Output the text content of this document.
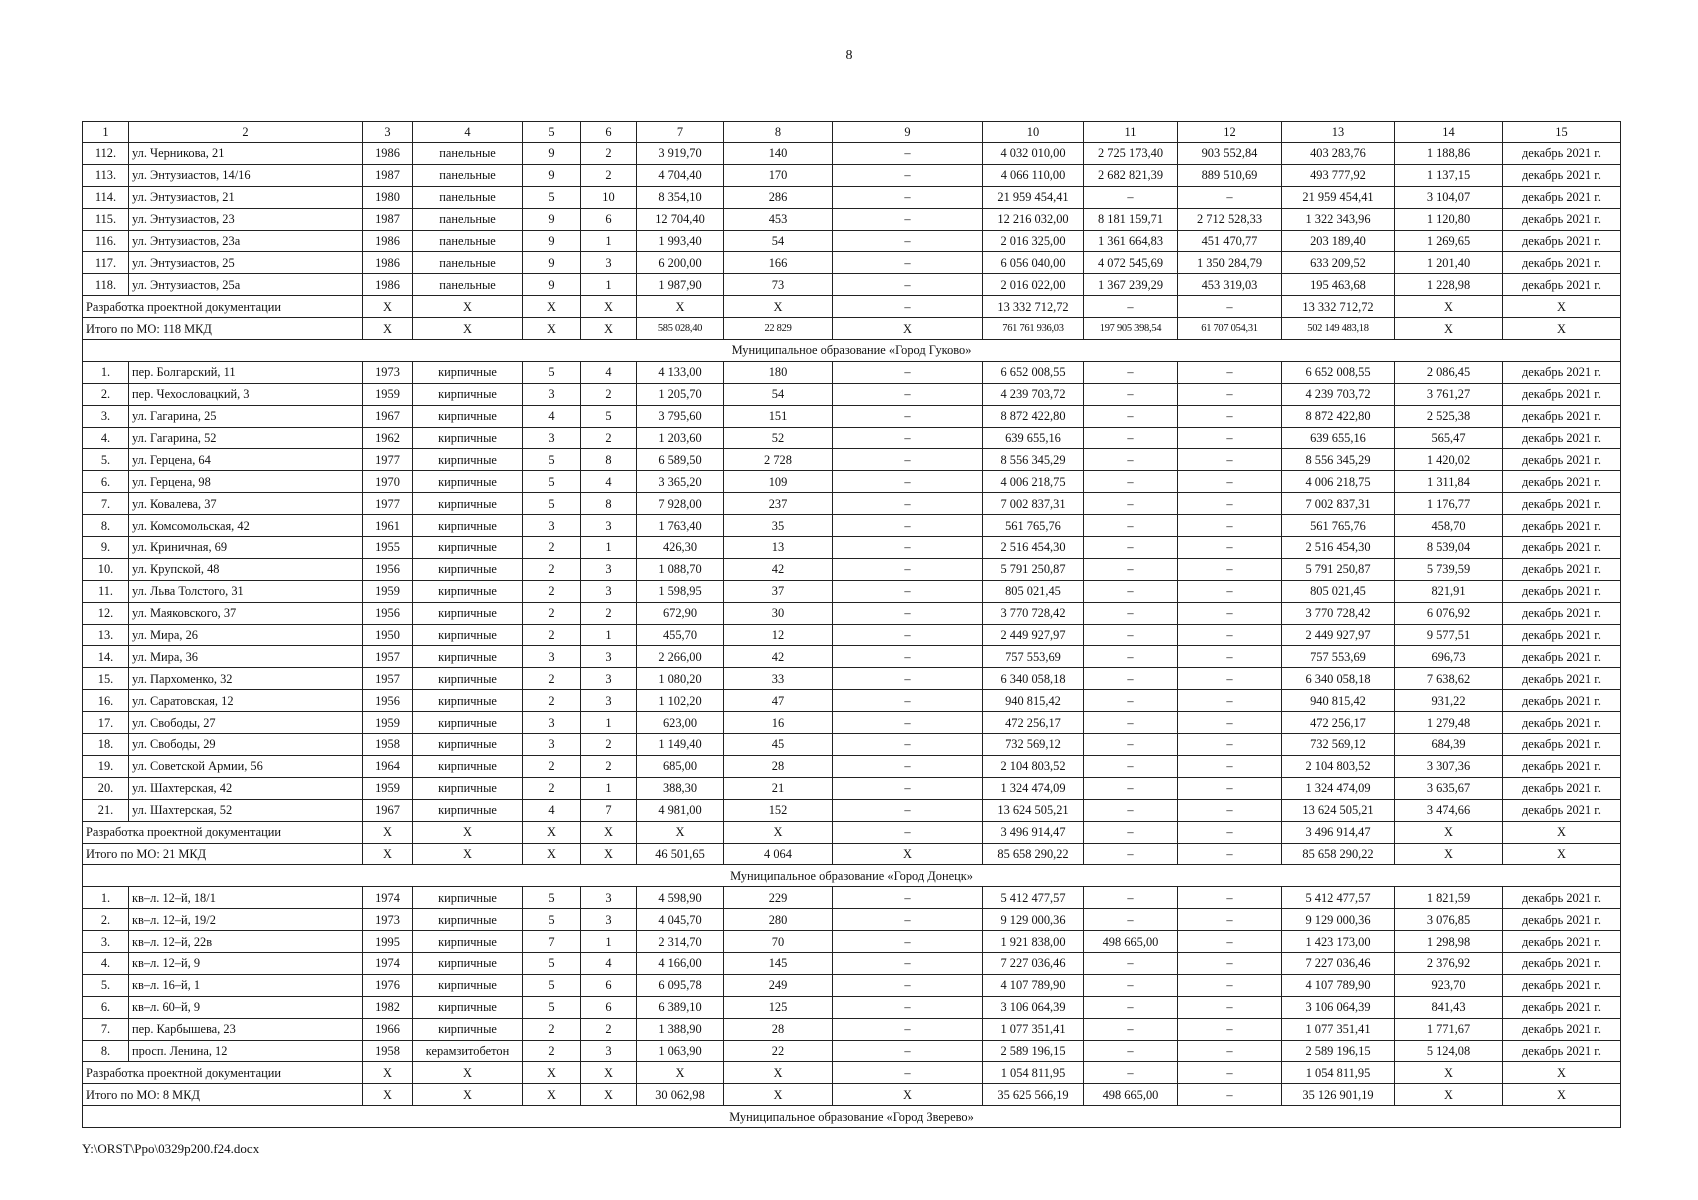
8
1	2	3	4	5	6	7	8	9	10	11	12	13	14	15
112.	ул. Черникова, 21	1986	панельные	9	2	3 919,70	140	–	4 032 010,00	2 725 173,40	903 552,84	403 283,76	1 188,86	декабрь 2021 г.
113.	ул. Энтузиастов, 14/16	1987	панельные	9	2	4 704,40	170	–	4 066 110,00	2 682 821,39	889 510,69	493 777,92	1 137,15	декабрь 2021 г.
114.	ул. Энтузиастов, 21	1980	панельные	5	10	8 354,10	286	–	21 959 454,41	–	–	21 959 454,41	3 104,07	декабрь 2021 г.
115.	ул. Энтузиастов, 23	1987	панельные	9	6	12 704,40	453	–	12 216 032,00	8 181 159,71	2 712 528,33	1 322 343,96	1 120,80	декабрь 2021 г.
116.	ул. Энтузиастов, 23а	1986	панельные	9	1	1 993,40	54	–	2 016 325,00	1 361 664,83	451 470,77	203 189,40	1 269,65	декабрь 2021 г.
117.	ул. Энтузиастов, 25	1986	панельные	9	3	6 200,00	166	–	6 056 040,00	4 072 545,69	1 350 284,79	633 209,52	1 201,40	декабрь 2021 г.
118.	ул. Энтузиастов, 25а	1986	панельные	9	1	1 987,90	73	–	2 016 022,00	1 367 239,29	453 319,03	195 463,68	1 228,98	декабрь 2021 г.
Разработка проектной документации		X	X	X	X	X	X	–	13 332 712,72	–	–	13 332 712,72	X	X
Итого по МО: 118 МКД		X	X	X	X	585 028,40	22 829	X	761 761 936,03	197 905 398,54	61 707 054,31	502 149 483,18	X	X
Муниципальное образование «Город Гуково»														
1.	пер. Болгарский, 11	1973	кирпичные	5	4	4 133,00	180	–	6 652 008,55	–	–	6 652 008,55	2 086,45	декабрь 2021 г.
2.	пер. Чехословацкий, 3	1959	кирпичные	3	2	1 205,70	54	–	4 239 703,72	–	–	4 239 703,72	3 761,27	декабрь 2021 г.
3.	ул. Гагарина, 25	1967	кирпичные	4	5	3 795,60	151	–	8 872 422,80	–	–	8 872 422,80	2 525,38	декабрь 2021 г.
4.	ул. Гагарина, 52	1962	кирпичные	3	2	1 203,60	52	–	639 655,16	–	–	639 655,16	565,47	декабрь 2021 г.
5.	ул. Герцена, 64	1977	кирпичные	5	8	6 589,50	2 728	–	8 556 345,29	–	–	8 556 345,29	1 420,02	декабрь 2021 г.
6.	ул. Герцена, 98	1970	кирпичные	5	4	3 365,20	109	–	4 006 218,75	–	–	4 006 218,75	1 311,84	декабрь 2021 г.
7.	ул. Ковалева, 37	1977	кирпичные	5	8	7 928,00	237	–	7 002 837,31	–	–	7 002 837,31	1 176,77	декабрь 2021 г.
8.	ул. Комсомольская, 42	1961	кирпичные	3	3	1 763,40	35	–	561 765,76	–	–	561 765,76	458,70	декабрь 2021 г.
9.	ул. Криничная, 69	1955	кирпичные	2	1	426,30	13	–	2 516 454,30	–	–	2 516 454,30	8 539,04	декабрь 2021 г.
10.	ул. Крупской, 48	1956	кирпичные	2	3	1 088,70	42	–	5 791 250,87	–	–	5 791 250,87	5 739,59	декабрь 2021 г.
11.	ул. Льва Толстого, 31	1959	кирпичные	2	3	1 598,95	37	–	805 021,45	–	–	805 021,45	821,91	декабрь 2021 г.
12.	ул. Маяковского, 37	1956	кирпичные	2	2	672,90	30	–	3 770 728,42	–	–	3 770 728,42	6 076,92	декабрь 2021 г.
13.	ул. Мира, 26	1950	кирпичные	2	1	455,70	12	–	2 449 927,97	–	–	2 449 927,97	9 577,51	декабрь 2021 г.
14.	ул. Мира, 36	1957	кирпичные	3	3	2 266,00	42	–	757 553,69	–	–	757 553,69	696,73	декабрь 2021 г.
15.	ул. Пархоменко, 32	1957	кирпичные	2	3	1 080,20	33	–	6 340 058,18	–	–	6 340 058,18	7 638,62	декабрь 2021 г.
16.	ул. Саратовская, 12	1956	кирпичные	2	3	1 102,20	47	–	940 815,42	–	–	940 815,42	931,22	декабрь 2021 г.
17.	ул. Свободы, 27	1959	кирпичные	3	1	623,00	16	–	472 256,17	–	–	472 256,17	1 279,48	декабрь 2021 г.
18.	ул. Свободы, 29	1958	кирпичные	3	2	1 149,40	45	–	732 569,12	–	–	732 569,12	684,39	декабрь 2021 г.
19.	ул. Советской Армии, 56	1964	кирпичные	2	2	685,00	28	–	2 104 803,52	–	–	2 104 803,52	3 307,36	декабрь 2021 г.
20.	ул. Шахтерская, 42	1959	кирпичные	2	1	388,30	21	–	1 324 474,09	–	–	1 324 474,09	3 635,67	декабрь 2021 г.
21.	ул. Шахтерская, 52	1967	кирпичные	4	7	4 981,00	152	–	13 624 505,21	–	–	13 624 505,21	3 474,66	декабрь 2021 г.
Разработка проектной документации		X	X	X	X	X	X	–	3 496 914,47	–	–	3 496 914,47	X	X
Итого по МО: 21 МКД		X	X	X	X	46 501,65	4 064	X	85 658 290,22	–	–	85 658 290,22	X	X
Муниципальное образование «Город Донецк»														
1.	кв–л. 12–й, 18/1	1974	кирпичные	5	3	4 598,90	229	–	5 412 477,57	–	–	5 412 477,57	1 821,59	декабрь 2021 г.
2.	кв–л. 12–й, 19/2	1973	кирпичные	5	3	4 045,70	280	–	9 129 000,36	–	–	9 129 000,36	3 076,85	декабрь 2021 г.
3.	кв–л. 12–й, 22в	1995	кирпичные	7	1	2 314,70	70	–	1 921 838,00	498 665,00	–	1 423 173,00	1 298,98	декабрь 2021 г.
4.	кв–л. 12–й, 9	1974	кирпичные	5	4	4 166,00	145	–	7 227 036,46	–	–	7 227 036,46	2 376,92	декабрь 2021 г.
5.	кв–л. 16–й, 1	1976	кирпичные	5	6	6 095,78	249	–	4 107 789,90	–	–	4 107 789,90	923,70	декабрь 2021 г.
6.	кв–л. 60–й, 9	1982	кирпичные	5	6	6 389,10	125	–	3 106 064,39	–	–	3 106 064,39	841,43	декабрь 2021 г.
7.	пер. Карбышева, 23	1966	кирпичные	2	2	1 388,90	28	–	1 077 351,41	–	–	1 077 351,41	1 771,67	декабрь 2021 г.
8.	просп. Ленина, 12	1958	керамзитобетон	2	3	1 063,90	22	–	2 589 196,15	–	–	2 589 196,15	5 124,08	декабрь 2021 г.
Разработка проектной документации		X	X	X	X	X	X	–	1 054 811,95	–	–	1 054 811,95	X	X
Итого по МО: 8 МКД		X	X	X	X	30 062,98	X	X	35 625 566,19	498 665,00	–	35 126 901,19	X	X
Муниципальное образование «Город Зверево»														
Y:\ORST\Ppo\0329p200.f24.docx
